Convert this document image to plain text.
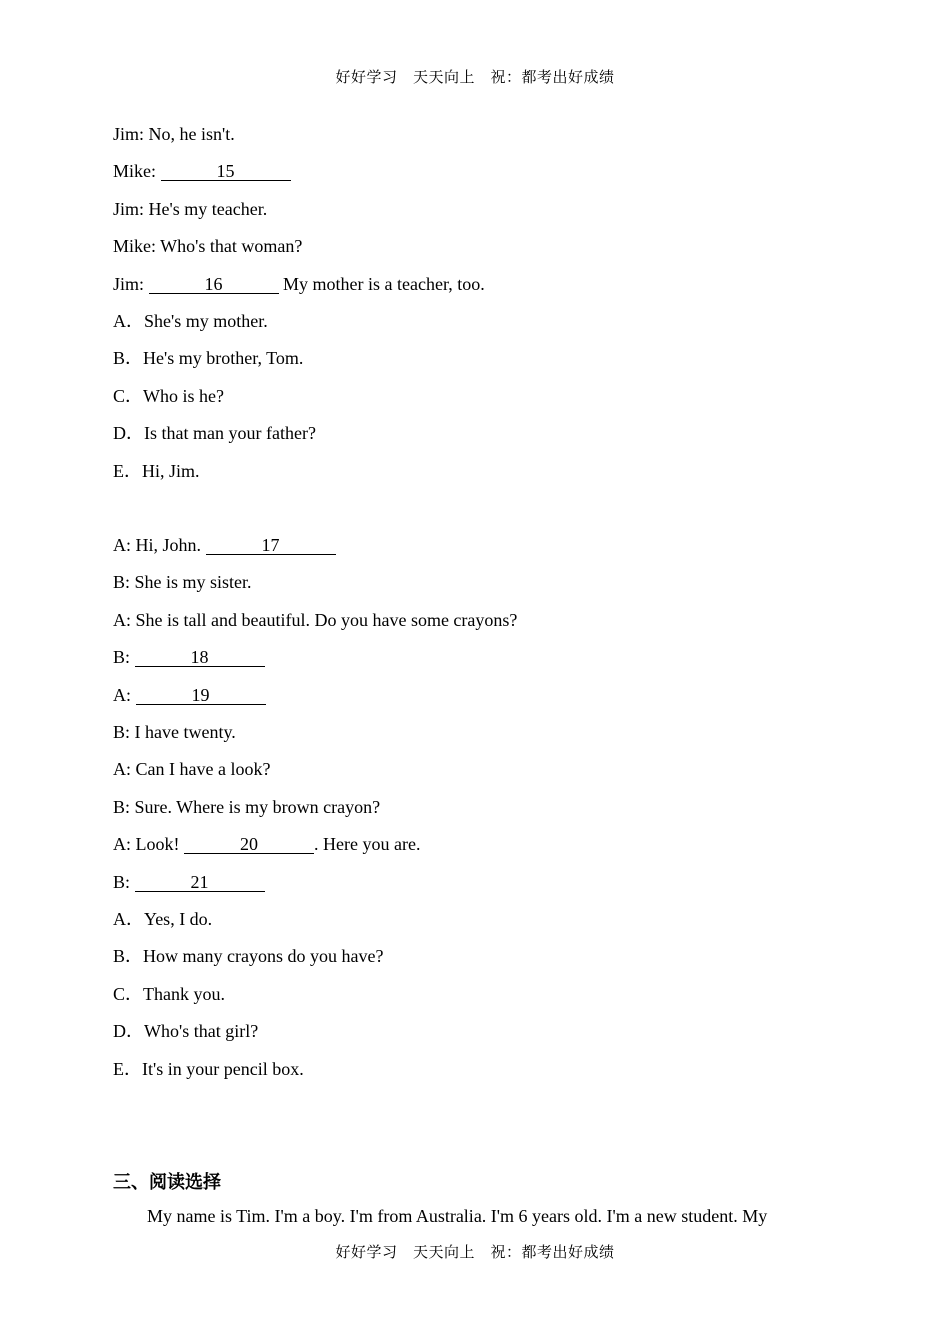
好好学习　天天向上　祝：都考出好成绩
Jim: No, he isn't.
Mike:	15
Jim: He's my teacher.
Mike: Who's that woman?
Jim:	16	My mother is a teacher, too.
A．She's my mother.
B．He's my brother, Tom.
C．Who is he?
D．Is that man your father?
E．Hi, Jim.
A: Hi, John.	17
B: She is my sister.
A: She is tall and beautiful. Do you have some crayons?
B:	18
A:	19
B: I have twenty.
A: Can I have a look?
B: Sure. Where is my brown crayon?
A: Look!	20	. Here you are.
B:	21
A．Yes, I do.
B．How many crayons do you have?
C．Thank you.
D．Who's that girl?
E．It's in your pencil box.
三、阅读选择
My name is Tim. I'm a boy. I'm from Australia. I'm 6 years old. I'm a new student. My
好好学习　天天向上　祝：都考出好成绩
